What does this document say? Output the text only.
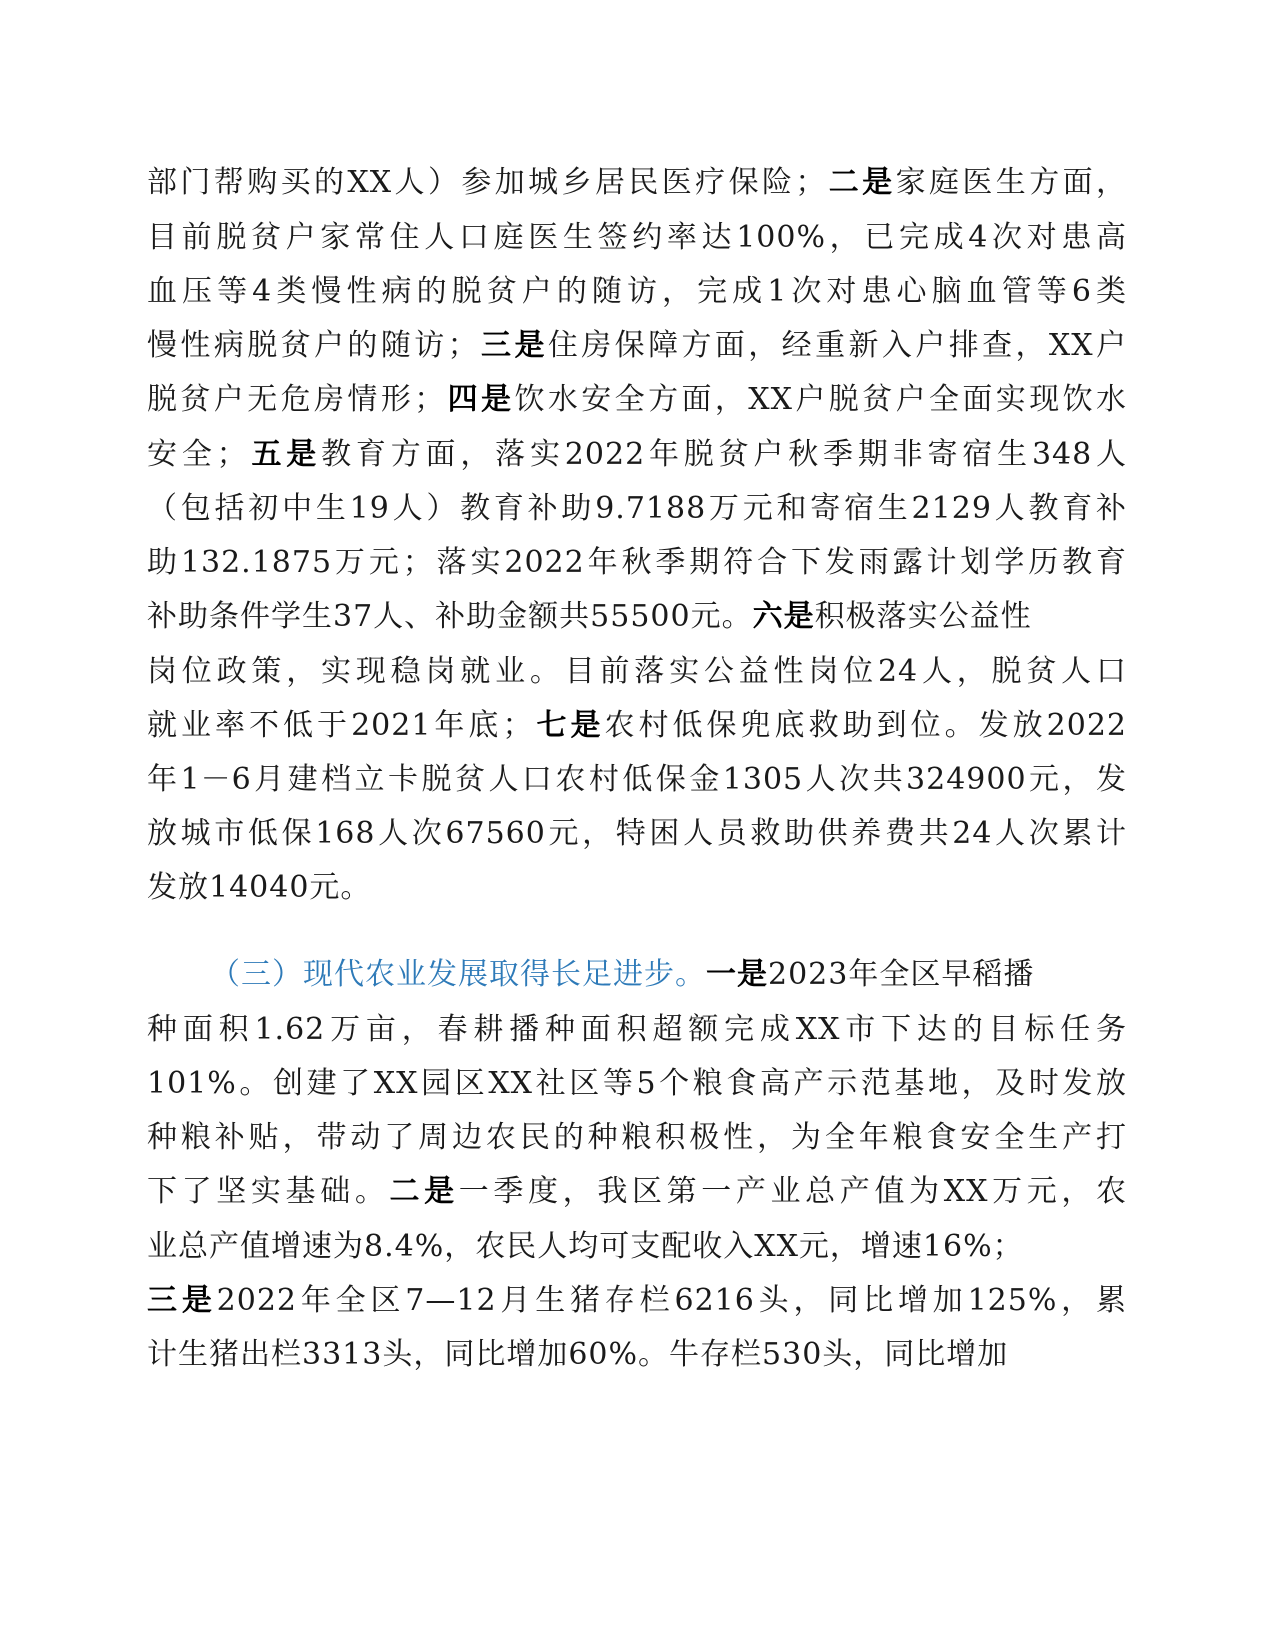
部门帮购买的XX人）参加城乡居民医疗保险；二是家庭医生方面，
目前脱贫户家常住人口庭医生签约率达100%，已完成4次对患高
血压等4类慢性病的脱贫户的随访，完成1次对患心脑血管等6类
慢性病脱贫户的随访；三是住房保障方面，经重新入户排查，XX户
脱贫户无危房情形；四是饮水安全方面，XX户脱贫户全面实现饮水
安全；五是教育方面，落实2022年脱贫户秋季期非寄宿生348人
（包括初中生19人）教育补助9.7188万元和寄宿生2129人教育补
助132.1875万元；落实2022年秋季期符合下发雨露计划学历教育
补助条件学生37人、补助金额共55500元。六是积极落实公益性
岗位政策，实现稳岗就业。目前落实公益性岗位24人，脱贫人口
就业率不低于2021年底；七是农村低保兜底救助到位。发放2022
年1－6月建档立卡脱贫人口农村低保金1305人次共324900元，发
放城市低保168人次67560元，特困人员救助供养费共24人次累计
发放14040元。
（三）现代农业发展取得长足进步。一是2023年全区早稻播
种面积1.62万亩，春耕播种面积超额完成XX市下达的目标任务
101%。创建了XX园区XX社区等5个粮食高产示范基地，及时发放
种粮补贴，带动了周边农民的种粮积极性，为全年粮食安全生产打
下了坚实基础。二是一季度，我区第一产业总产值为XX万元，农
业总产值增速为8.4%，农民人均可支配收入XX元，增速16%；
三是2022年全区7—12月生猪存栏6216头，同比增加125%，累
计生猪出栏3313头，同比增加60%。牛存栏530头，同比增加
